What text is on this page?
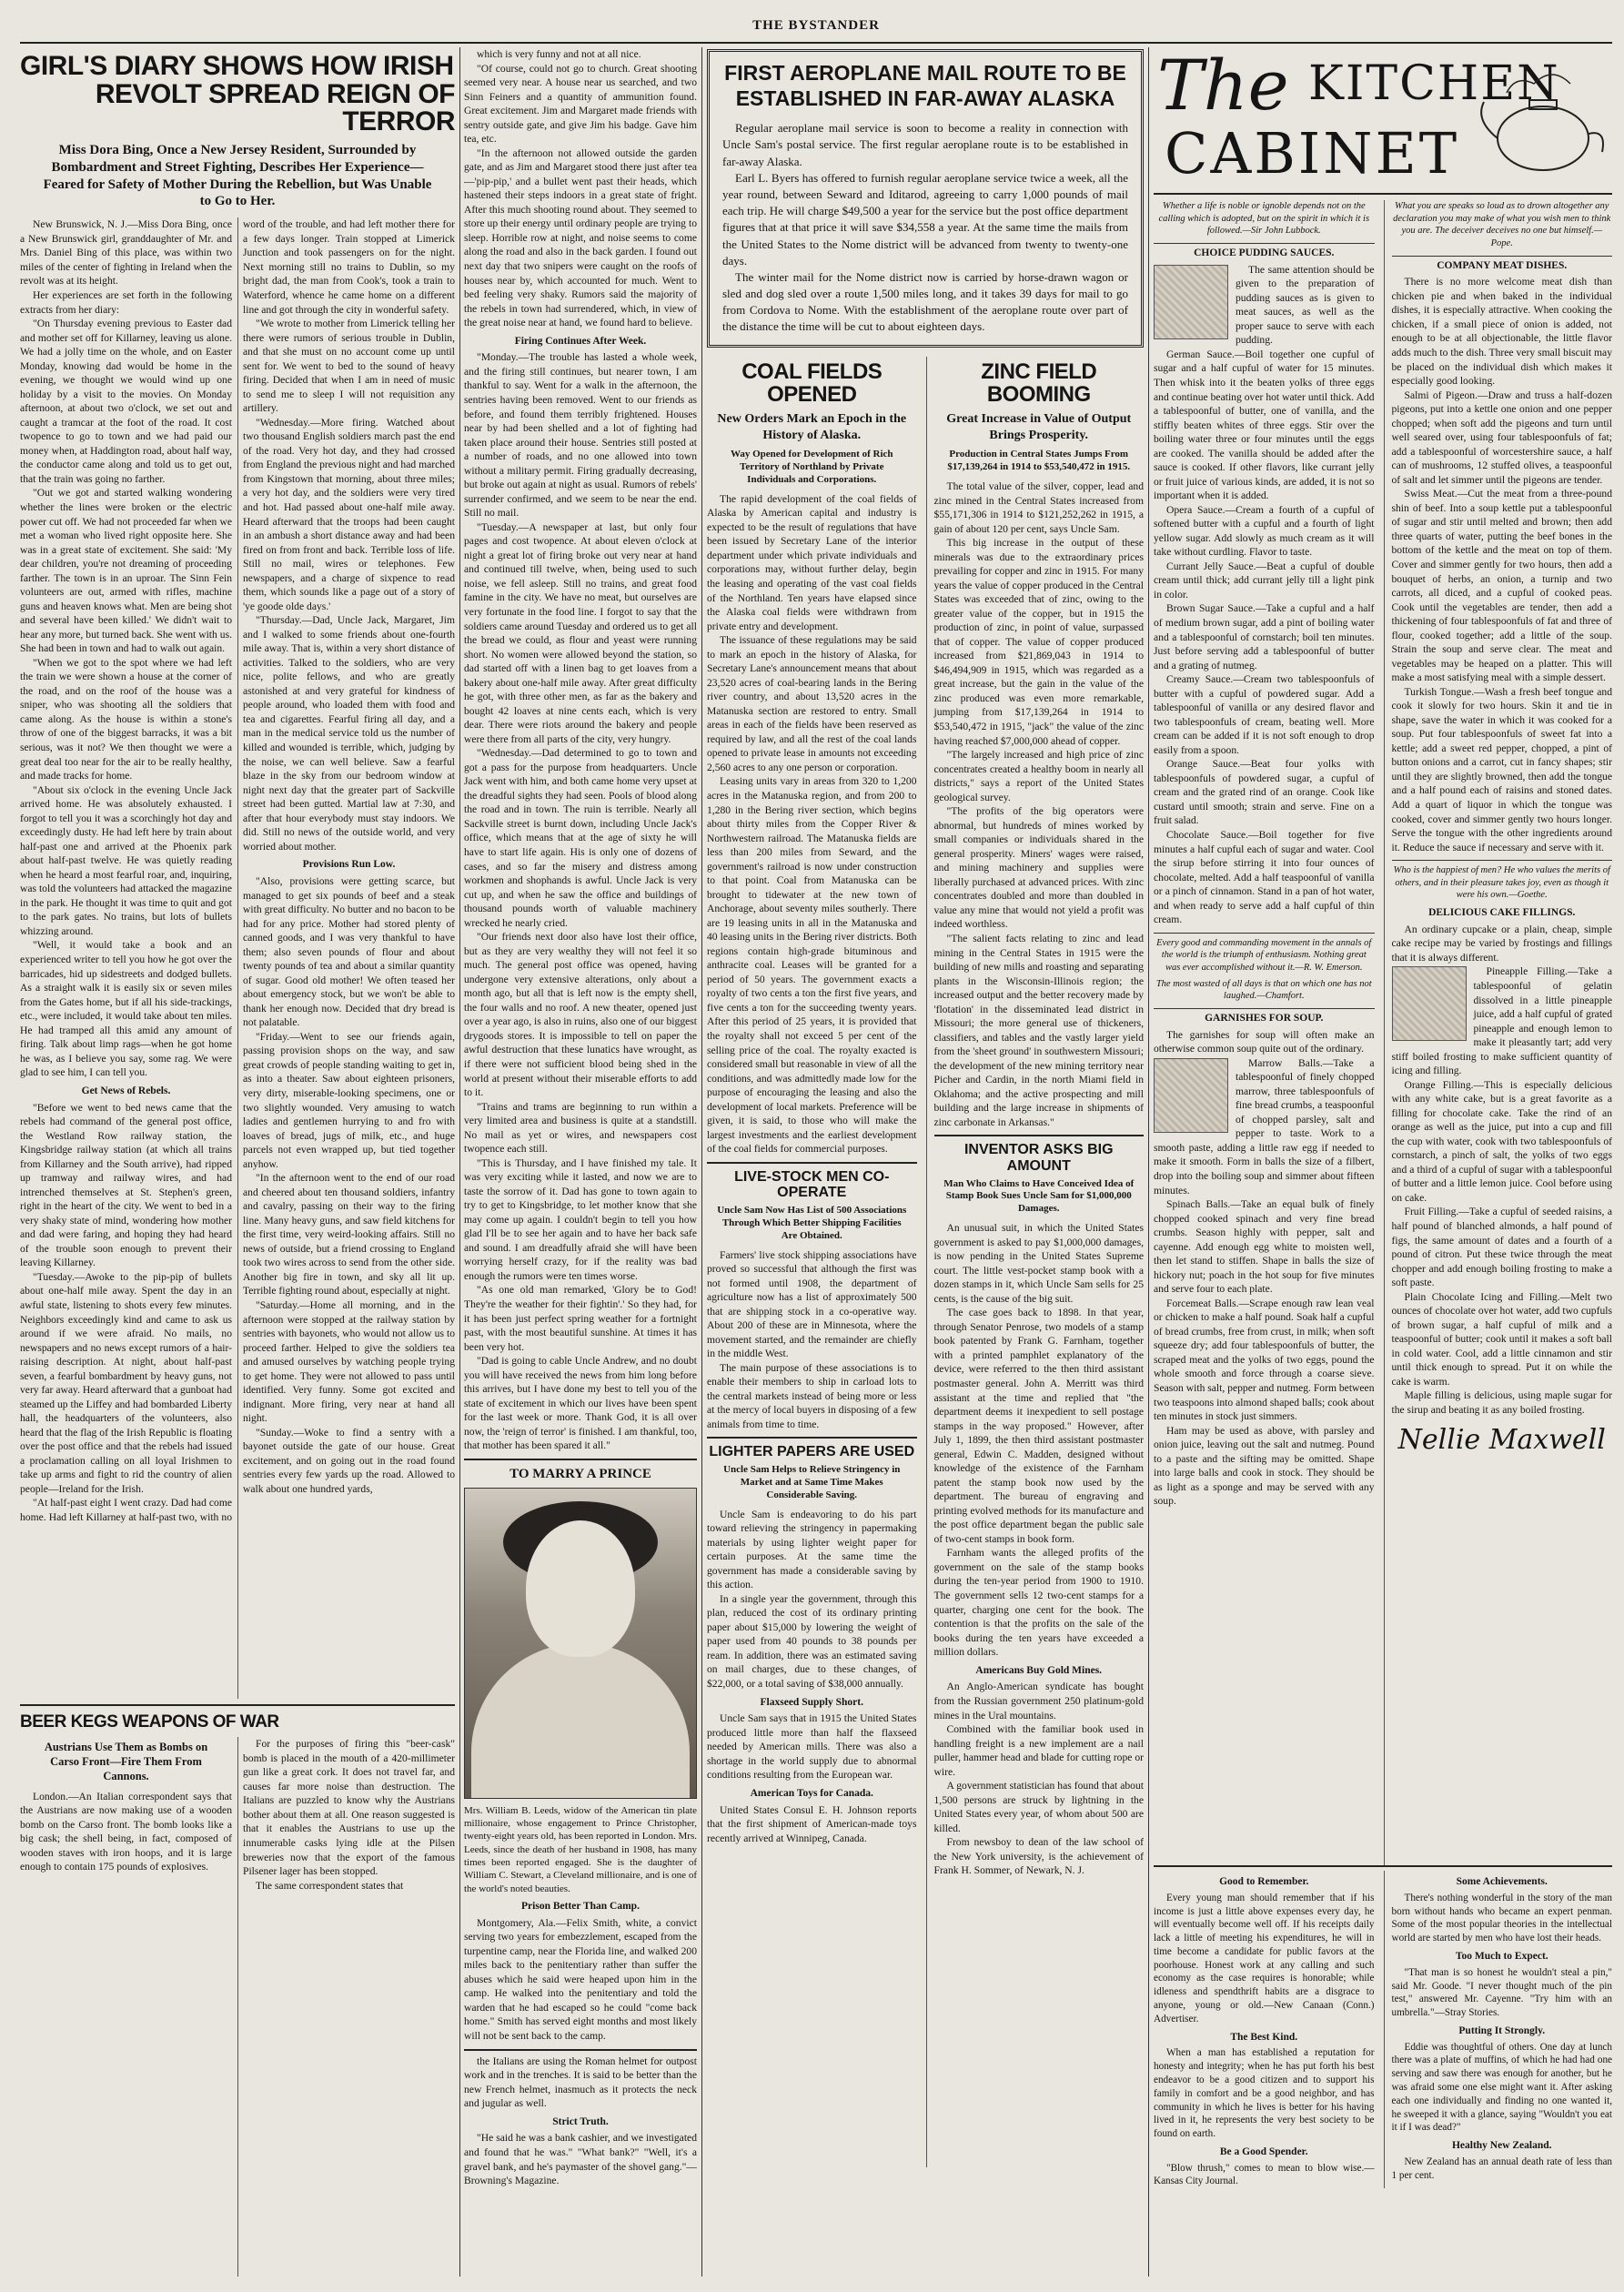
THE BYSTANDER
GIRL'S DIARY SHOWS HOW IRISH
REVOLT SPREAD REIGN OF TERROR
Miss Dora Bing, Once a New Jersey Resident, Surrounded by Bombardment and Street Fighting, Describes Her Experience—Feared for Safety of Mother During the Rebellion, but Was Unable to Go to Her.

New Brunswick, N. J.—Miss Dora Bing, once a New Brunswick girl, granddaughter of Mr. and Mrs. Daniel Bing of this place, was within two miles of the center of fighting in Ireland when the revolt was at its height.

Her experiences are set forth in the following extracts from her diary:

"On Thursday evening previous to Easter dad and mother set off for Killarney, leaving us alone. We had a jolly time on the whole, and on Easter Monday, knowing dad would be home in the evening, we thought we would wind up one holiday by a visit to the movies. On Monday afternoon, at about two o'clock, we set out and caught a tramcar at the foot of the road. It cost twopence to go to town and we had paid our money when, at Haddington road, about half way, the conductor came along and told us to get out, that the train was going no farther.

"Out we got and started walking wondering whether the lines were broken or the electric power cut off. We had not proceeded far when we met a woman who lived right opposite here. She was in a great state of excitement. She said: 'My dear children, you're not dreaming of proceeding farther. The town is in an uproar. The Sinn Fein volunteers are out, armed with rifles, machine guns and heaven knows what. Men are being shot and several have been killed.' We didn't wait to hear any more, but turned back. She went with us. She had been in town and had to walk out again.

"When we got to the spot where we had left the train we were shown a house at the corner of the road, and on the roof of the house was a sniper, who was shooting all the soldiers that came along. As the house is within a stone's throw of one of the biggest barracks, it was a bit serious, was it not? We then thought we were a great deal too near for the air to be really healthy, and made tracks for home.

"About six o'clock in the evening Uncle Jack arrived home. He was absolutely exhausted. I forgot to tell you it was a scorchingly hot day and exceedingly dusty. He had left here by train about half-past one and arrived at the Phoenix park about half-past twelve. He was quietly reading when he heard a most fearful roar, and, inquiring, was told the volunteers had attacked the magazine in the park. He thought it was time to quit and got to the park gates. No trains, but lots of bullets whizzing around.

"Well, it would take a book and an experienced writer to tell you how he got over the barricades, hid up sidestreets and dodged bullets. As a straight walk it is easily six or seven miles from the Gates home, but if all his side-trackings, etc., were included, it would take about ten miles. He had tramped all this amid any amount of firing. Talk about limp rags—when he got home he was, as I believe you say, some rag. We were glad to see him, I can tell you.

Get News of Rebels.

"Before we went to bed news came that the rebels had command of the general post office, the Westland Row railway station, the Kingsbridge railway station (at which all trains from Killarney and the South arrive), had ripped up tramway and railway wires, and had intrenched themselves at St. Stephen's green, right in the heart of the city. We went to bed in a very shaky state of mind, wondering how mother and dad were faring, and hoping they had heard of the trouble soon enough to prevent their leaving Killarney.

"Tuesday.—Awoke to the pip-pip of bullets about one-half mile away. Spent the day in an awful state, listening to shots every few minutes. Neighbors exceedingly kind and came to ask us around if we were afraid. No mails, no newspapers and no news except rumors of a hair-raising description. At night, about half-past seven, a fearful bombardment by heavy guns, not very far away. Heard afterward that a gunboat had steamed up the Liffey and had bombarded Liberty hall, the headquarters of the volunteers, also heard that the flag of the Irish Republic is floating over the post office and that the rebels had issued a proclamation calling on all loyal Irishmen to take up arms and fight to rid the country of alien people—Ireland for the Irish.

"At half-past eight I went crazy. Dad had come home. Had left Killarney at half-past two, with no word of the trouble, and had left mother there for a few days longer. Train stopped at Limerick Junction and took passengers on for the night. Next morning still no trains to Dublin, so my bright dad, the man from Cook's, took a train to Waterford, whence he came home on a different line and got through the city in wonderful safety.

"We wrote to mother from Limerick telling her there were rumors of serious trouble in Dublin, and that she must on no account come up until sent for. We went to bed to the sound of heavy firing. Decided that when I am in need of music to send me to sleep I will not requisition any artillery.

"Wednesday.—More firing. Watched about two thousand English soldiers march past the end of the road. Very hot day, and they had crossed from England the previous night and had marched from Kingstown that morning, about three miles; a very hot day, and the soldiers were very tired and hot. Had passed about one-half mile away. Heard afterward that the troops had been caught in an ambush a short distance away and had been fired on from front and back. Terrible loss of life. Still no mail, wires or telephones. Few newspapers, and a charge of sixpence to read them, which sounds like a page out of a story of 'ye goode olde days.'

"Thursday.—Dad, Uncle Jack, Margaret, Jim and I walked to some friends about one-fourth mile away. That is, within a very short distance of activities. Talked to the soldiers, who are very nice, polite fellows, and who are greatly astonished at and very grateful for kindness of people around, who loaded them with food and tea and cigarettes. Fearful firing all day, and a man in the medical service told us the number of killed and wounded is terrible, which, judging by the noise, we can well believe. Saw a fearful blaze in the sky from our bedroom window at night next day that the greater part of Sackville street had been gutted. Martial law at 7:30, and after that hour everybody must stay indoors. We did. Still no news of the outside world, and very worried about mother.

Provisions Run Low.

"Also, provisions were getting scarce, but managed to get six pounds of beef and a steak with great difficulty. No butter and no bacon to be had for any price. Mother had stored plenty of canned goods, and I was very thankful to have them; also seven pounds of flour and about twenty pounds of tea and about a similar quantity of sugar. Good old mother! We often teased her about emergency stock, but we won't be able to thank her enough now. Decided that dry bread is not palatable.

"Friday.—Went to see our friends again, passing provision shops on the way, and saw great crowds of people standing waiting to get in, as into a theater. Saw about eighteen prisoners, very dirty, miserable-looking specimens, one or two slightly wounded. Very amusing to watch ladies and gentlemen hurrying to and fro with loaves of bread, jugs of milk, etc., and huge parcels not even wrapped up, but tied together anyhow.

"In the afternoon went to the end of our road and cheered about ten thousand soldiers, infantry and cavalry, passing on their way to the firing line. Many heavy guns, and saw field kitchens for the first time, very weird-looking affairs. Still no news of outside, but a friend crossing to England took two wires across to send from the other side. Another big fire in town, and sky all lit up. Terrible fighting round about, especially at night.

"Saturday.—Home all morning, and in the afternoon were stopped at the railway station by sentries with bayonets, who would not allow us to proceed farther. Helped to give the soldiers tea and amused ourselves by watching people trying to get home. They were not allowed to pass until identified. Very funny. Some got excited and indignant. More firing, very near at hand all night.

"Sunday.—Woke to find a sentry with a bayonet outside the gate of our house. Great excitement, and on going out in the road found sentries every few yards up the road. Allowed to walk about one hundred yards,

BEER KEGS WEAPONS OF WAR
Austrians Use Them as Bombs on Carso Front—Fire Them From Cannons.

London.—An Italian correspondent says that the Austrians are now making use of a wooden bomb on the Carso front. The bomb looks like a big cask; the shell being, in fact, composed of wooden staves with iron hoops, and it is large enough to contain 175 pounds of explosives.

For the purposes of firing this "beer-cask" bomb is placed in the mouth of a 420-millimeter gun like a great cork. It does not travel far, and causes far more noise than destruction. The Italians are puzzled to know why the Austrians bother about them at all. One reason suggested is that it enables the Austrians to use up the innumerable casks lying idle at the Pilsen breweries now that the export of the famous Pilsener lager has been stopped.

The same correspondent states that

which is very funny and not at all nice.

"Of course, could not go to church. Great shooting seemed very near. A house near us searched, and two Sinn Feiners and a quantity of ammunition found. Great excitement. Jim and Margaret made friends with sentry outside gate, and give Jim his badge. Gave him tea, etc.

"In the afternoon not allowed outside the garden gate, and as Jim and Margaret stood there just after tea—'pip-pip,' and a bullet went past their heads, which hastened their steps indoors in a great state of fright. After this much shooting round about. They seemed to store up their energy until ordinary people are trying to sleep. Horrible row at night, and noise seems to come along the road and also in the back garden. I found out next day that two snipers were caught on the roofs of houses near by, which accounted for much. Went to bed feeling very shaky. Rumors said the majority of the rebels in town had surrendered, which, in view of the great noise near at hand, we found hard to believe.

Firing Continues After Week.

"Monday.—The trouble has lasted a whole week, and the firing still continues, but nearer town, I am thankful to say. Went for a walk in the afternoon, the sentries having been removed. Went to our friends as before, and found them terribly frightened. Houses near by had been shelled and a lot of fighting had taken place around their house. Sentries still posted at a number of roads, and no one allowed into town without a military permit. Firing gradually decreasing, but broke out again at night as usual. Rumors of rebels' surrender confirmed, and we seem to be near the end. Still no mail.

"Tuesday.—A newspaper at last, but only four pages and cost twopence. At about eleven o'clock at night a great lot of firing broke out very near at hand and continued till twelve, when, being used to such noise, we fell asleep. Still no trains, and great food famine in the city. We have no meat, but ourselves are very fortunate in the food line. I forgot to say that the soldiers came around Tuesday and ordered us to get all the bread we could, as flour and yeast were running short. No women were allowed beyond the station, so dad started off with a linen bag to get loaves from a bakery about one-half mile away. After great difficulty he got, with three other men, as far as the bakery and bought 42 loaves at nine cents each, which is very dear. There were riots around the bakery and people were there from all parts of the city, very hungry.

"Wednesday.—Dad determined to go to town and got a pass for the purpose from headquarters. Uncle Jack went with him, and both came home very upset at the dreadful sights they had seen. Pools of blood along the road and in town. The ruin is terrible. Nearly all Sackville street is burnt down, including Uncle Jack's office, which means that at the age of sixty he will have to start life again. His is only one of dozens of cases, and so far the misery and distress among workmen and shophands is awful. Uncle Jack is very cut up, and when he saw the office and buildings of thousand pounds worth of valuable machinery wrecked he nearly cried.

"Our friends next door also have lost their office, but as they are very wealthy they will not feel it so much. The general post office was opened, having undergone very extensive alterations, only about a month ago, but all that is left now is the empty shell, the four walls and no roof. A new theater, opened just over a year ago, is also in ruins, also one of our biggest drygoods stores. It is impossible to tell on paper the awful destruction that these lunatics have wrought, as if there were not sufficient blood being shed in the world at present without their miserable efforts to add to it.

"Trains and trams are beginning to run within a very limited area and business is quite at a standstill. No mail as yet or wires, and newspapers cost twopence each still.

"This is Thursday, and I have finished my tale. It was very exciting while it lasted, and now we are to taste the sorrow of it. Dad has gone to town again to try to get to Kingsbridge, to let mother know that she may come up again. I couldn't begin to tell you how glad I'll be to see her again and to have her back safe and sound. I am dreadfully afraid she will have been worrying herself crazy, for if the reality was bad enough the rumors were ten times worse.

"As one old man remarked, 'Glory be to God! They're the weather for their fightin'.' So they had, for it has been just perfect spring weather for a fortnight past, with the most beautiful sunshine. At times it has been very hot.

"Dad is going to cable Uncle Andrew, and no doubt you will have received the news from him long before this arrives, but I have done my best to tell you of the state of excitement in which our lives have been spent for the last week or more. Thank God, it is all over now, the 'reign of terror' is finished. I am thankful, too, that mother has been spared it all."

TO MARRY A PRINCE
Mrs. William B. Leeds, widow of the American tin plate millionaire, whose engagement to Prince Christopher, twenty-eight years old, has been reported in London. Mrs. Leeds, since the death of her husband in 1908, has many times been reported engaged. She is the daughter of William C. Stewart, a Cleveland millionaire, and is one of the world's noted beauties.
Prison Better Than Camp.

Montgomery, Ala.—Felix Smith, white, a convict serving two years for embezzlement, escaped from the turpentine camp, near the Florida line, and walked 200 miles back to the penitentiary rather than suffer the abuses which he said were heaped upon him in the camp. He walked into the penitentiary and told the warden that he had escaped so he could "come back home." Smith has served eight months and most likely will not be sent back to the camp.

the Italians are using the Roman helmet for outpost work and in the trenches. It is said to be better than the new French helmet, inasmuch as it protects the neck and jugular as well.

Strict Truth.

"He said he was a bank cashier, and we investigated and found that he was." "What bank?" "Well, it's a gravel bank, and he's paymaster of the shovel gang."—Browning's Magazine.

FIRST AEROPLANE MAIL ROUTE TO BE ESTABLISHED IN FAR-AWAY ALASKA

Regular aeroplane mail service is soon to become a reality in connection with Uncle Sam's postal service. The first regular aeroplane route is to be established in far-away Alaska.

Earl L. Byers has offered to furnish regular aeroplane service twice a week, all the year round, between Seward and Iditarod, agreeing to carry 1,000 pounds of mail each trip. He will charge $49,500 a year for the service but the post office department figures that at that price it will save $34,558 a year. At the same time the mails from the United States to the Nome district will be advanced from twenty to twenty-one days.

The winter mail for the Nome district now is carried by horse-drawn wagon or sled and dog sled over a route 1,500 miles long, and it takes 39 days for mail to go from Cordova to Nome. With the establishment of the aeroplane route over part of the distance the time will be cut to about eighteen days.

COAL FIELDS OPENED
New Orders Mark an Epoch in the History of Alaska.
Way Opened for Development of Rich Territory of Northland by Private Individuals and Corporations.

The rapid development of the coal fields of Alaska by American capital and industry is expected to be the result of regulations that have been issued by Secretary Lane of the interior department under which private individuals and corporations may, without further delay, begin the leasing and operating of the vast coal fields of the Northland. Ten years have elapsed since the Alaska coal fields were withdrawn from private entry and development.

The issuance of these regulations may be said to mark an epoch in the history of Alaska, for Secretary Lane's announcement means that about 23,520 acres of coal-bearing lands in the Bering river country, and about 13,520 acres in the Matanuska section are restored to entry. Small areas in each of the fields have been reserved as required by law, and all the rest of the coal lands opened to private lease in amounts not exceeding 2,560 acres to any one person or corporation.

Leasing units vary in areas from 320 to 1,200 acres in the Matanuska region, and from 200 to 1,280 in the Bering river section, which begins about thirty miles from the Copper River & Northwestern railroad. The Matanuska fields are less than 200 miles from Seward, and the government's railroad is now under construction to that point. Coal from Matanuska can be brought to tidewater at the new town of Anchorage, about seventy miles southerly. There are 19 leasing units in all in the Matanuska and 40 leasing units in the Bering river districts. Both regions contain high-grade bituminous and anthracite coal. Leases will be granted for a period of 50 years. The government exacts a royalty of two cents a ton the first five years, and five cents a ton for the succeeding twenty years. After this period of 25 years, it is provided that the royalty shall not exceed 5 per cent of the selling price of the coal. The royalty exacted is considered small but reasonable in view of all the conditions, and was admittedly made low for the purpose of encouraging the leasing and also the development of local markets. Preference will be given, it is said, to those who will make the largest investments and the earliest development of the coal fields for commercial purposes.

LIVE-STOCK MEN CO-OPERATE
Uncle Sam Now Has List of 500 Associations Through Which Better Shipping Facilities Are Obtained.

Farmers' live stock shipping associations have proved so successful that although the first was not formed until 1908, the department of agriculture now has a list of approximately 500 that are shipping stock in a co-operative way. About 200 of these are in Minnesota, where the movement started, and the remainder are chiefly in the middle West.

The main purpose of these associations is to enable their members to ship in carload lots to the central markets instead of being more or less at the mercy of local buyers in disposing of a few animals from time to time.

LIGHTER PAPERS ARE USED
Uncle Sam Helps to Relieve Stringency in Market and at Same Time Makes Considerable Saving.

Uncle Sam is endeavoring to do his part toward relieving the stringency in papermaking materials by using lighter weight paper for certain purposes. At the same time the government has made a considerable saving by this action.

In a single year the government, through this plan, reduced the cost of its ordinary printing paper about $15,000 by lowering the weight of paper used from 40 pounds to 38 pounds per ream. In addition, there was an estimated saving on mail charges, due to these changes, of $22,000, or a total saving of $38,000 annually.

Flaxseed Supply Short.

Uncle Sam says that in 1915 the United States produced little more than half the flaxseed needed by American mills. There was also a shortage in the world supply due to abnormal conditions resulting from the European war.

American Toys for Canada.

United States Consul E. H. Johnson reports that the first shipment of American-made toys recently arrived at Winnipeg, Canada.

ZINC FIELD BOOMING
Great Increase in Value of Output Brings Prosperity.
Production in Central States Jumps From $17,139,264 in 1914 to $53,540,472 in 1915.

The total value of the silver, copper, lead and zinc mined in the Central States increased from $55,171,306 in 1914 to $121,252,262 in 1915, a gain of about 120 per cent, says Uncle Sam.

This big increase in the output of these minerals was due to the extraordinary prices prevailing for copper and zinc in 1915. For many years the value of copper produced in the Central States was exceeded that of zinc, owing to the greater value of the copper, but in 1915 the production of zinc, in point of value, surpassed that of copper. The value of copper produced increased from $21,869,043 in 1914 to $46,494,909 in 1915, which was regarded as a great increase, but the gain in the value of the zinc produced was even more remarkable, jumping from $17,139,264 in 1914 to $53,540,472 in 1915, "jack" the value of the zinc having reached $7,000,000 ahead of copper.

"The largely increased and high price of zinc concentrates created a healthy boom in nearly all districts," says a report of the United States geological survey.

"The profits of the big operators were abnormal, but hundreds of mines worked by small companies or individuals shared in the general prosperity. Miners' wages were raised, and mining machinery and supplies were liberally purchased at advanced prices. With zinc concentrates doubled and more than doubled in value any mine that would not yield a profit was indeed worthless.

"The salient facts relating to zinc and lead mining in the Central States in 1915 were the building of new mills and roasting and separating plants in the Wisconsin-Illinois region; the increased output and the better recovery made by 'flotation' in the disseminated lead district in Missouri; the more general use of thickeners, classifiers, and tables and the vastly larger yield from the 'sheet ground' in southwestern Missouri; the development of the new mining territory near Picher and Cardin, in the north Miami field in Oklahoma; and the active prospecting and mill building and the large increase in shipments of zinc carbonate in Arkansas."

INVENTOR ASKS BIG AMOUNT
Man Who Claims to Have Conceived Idea of Stamp Book Sues Uncle Sam for $1,000,000 Damages.

An unusual suit, in which the United States government is asked to pay $1,000,000 damages, is now pending in the United States Supreme court. The little vest-pocket stamp book with a dozen stamps in it, which Uncle Sam sells for 25 cents, is the cause of the big suit.

The case goes back to 1898. In that year, through Senator Penrose, two models of a stamp book patented by Frank G. Farnham, together with a printed pamphlet explanatory of the device, were referred to the then third assistant postmaster general. John A. Merritt was third assistant at the time and replied that "the department deems it inexpedient to sell postage stamps in the way proposed." However, after July 1, 1899, the then third assistant postmaster general, Edwin C. Madden, designed without knowledge of the existence of the Farnham patent the stamp book now used by the department. The bureau of engraving and printing evolved methods for its manufacture and the post office department began the public sale of two-cent stamps in book form.

Farnham wants the alleged profits of the government on the sale of the stamp books during the ten-year period from 1900 to 1910. The government sells 12 two-cent stamps for a quarter, charging one cent for the book. The contention is that the profits on the sale of the books during the ten years have exceeded a million dollars.

Americans Buy Gold Mines.

An Anglo-American syndicate has bought from the Russian government 250 platinum-gold mines in the Ural mountains.

Combined with the familiar book used in handling freight is a new implement are a nail puller, hammer head and blade for cutting rope or wire.

A government statistician has found that about 1,500 persons are struck by lightning in the United States every year, of whom about 500 are killed.

From newsboy to dean of the law school of the New York university, is the achievement of Frank H. Sommer, of Newark, N. J.

The KITCHEN
CABINET
Whether a life is noble or ignoble depends not on the calling which is adopted, but on the spirit in which it is followed.—Sir John Lubbock.
CHOICE PUDDING SAUCES.

The same attention should be given to the preparation of pudding sauces as is given to meat sauces, as well as the proper sauce to serve with each pudding.

German Sauce.—Boil together one cupful of sugar and a half cupful of water for 15 minutes. Then whisk into it the beaten yolks of three eggs and continue beating over hot water until thick. Add a tablespoonful of butter, one of vanilla, and the stiffly beaten whites of three eggs. Stir over the boiling water three or four minutes until the eggs are cooked. The vanilla should be added after the sauce is cooked. If other flavors, like currant jelly or fruit juice of various kinds, are added, it is not so important when it is added.

Opera Sauce.—Cream a fourth of a cupful of softened butter with a cupful and a fourth of light yellow sugar. Add slowly as much cream as it will take without curdling. Flavor to taste.

Currant Jelly Sauce.—Beat a cupful of double cream until thick; add currant jelly till a light pink in color.

Brown Sugar Sauce.—Take a cupful and a half of medium brown sugar, add a pint of boiling water and a tablespoonful of cornstarch; boil ten minutes. Just before serving add a tablespoonful of butter and a grating of nutmeg.

Creamy Sauce.—Cream two tablespoonfuls of butter with a cupful of powdered sugar. Add a tablespoonful of vanilla or any desired flavor and two tablespoonfuls of cream, beating well. More cream can be added if it is not soft enough to drop easily from a spoon.

Orange Sauce.—Beat four yolks with tablespoonfuls of powdered sugar, a cupful of cream and the grated rind of an orange. Cook like custard until smooth; strain and serve. Fine on a fruit salad.

Chocolate Sauce.—Boil together for five minutes a half cupful each of sugar and water. Cool the sirup before stirring it into four ounces of chocolate, melted. Add a half teaspoonful of vanilla or a pinch of cinnamon. Stand in a pan of hot water, and when ready to serve add a half cupful of thin cream.

Every good and commanding movement in the annals of the world is the triumph of enthusiasm. Nothing great was ever accomplished without it.—R. W. Emerson.
The most wasted of all days is that on which one has not laughed.—Chamfort.
GARNISHES FOR SOUP.

The garnishes for soup will often make an otherwise common soup quite out of the ordinary.

Marrow Balls.—Take a tablespoonful of finely chopped marrow, three tablespoonfuls of fine bread crumbs, a teaspoonful of chopped parsley, salt and pepper to taste. Work to a smooth paste, adding a little raw egg if needed to make it smooth. Form in balls the size of a filbert, drop into the boiling soup and simmer about fifteen minutes.

Spinach Balls.—Take an equal bulk of finely chopped cooked spinach and very fine bread crumbs. Season highly with pepper, salt and cayenne. Add enough egg white to moisten well, then let stand to stiffen. Shape in balls the size of hickory nut; poach in the hot soup for five minutes and serve four to each plate.

Forcemeat Balls.—Scrape enough raw lean veal or chicken to make a half pound. Soak half a cupful of bread crumbs, free from crust, in milk; when soft squeeze dry; add four tablespoonfuls of butter, the scraped meat and the yolks of two eggs, pound the whole smooth and force through a coarse sieve. Season with salt, pepper and nutmeg. Form between two teaspoons into almond shaped balls; cook about ten minutes in stock just simmers.

Ham may be used as above, with parsley and onion juice, leaving out the salt and nutmeg. Pound to a paste and the sifting may be omitted. Shape into large balls and cook in stock. They should be as light as a sponge and may be served with any soup.

What you are speaks so loud as to drown altogether any declaration you may make of what you wish men to think you are. The deceiver deceives no one but himself.—Pope.
COMPANY MEAT DISHES.

There is no more welcome meat dish than chicken pie and when baked in the individual dishes, it is especially attractive. When cooking the chicken, if a small piece of onion is added, not enough to be at all objectionable, the little flavor adds much to the dish. Three very small biscuit may be placed on the individual dish which makes it especially good looking.

Salmi of Pigeon.—Draw and truss a half-dozen pigeons, put into a kettle one onion and one pepper chopped; when soft add the pigeons and turn until well seared over, using four tablespoonfuls of fat; add a tablespoonful of worcestershire sauce, a half can of mushrooms, 12 stuffed olives, a teaspoonful of salt and let simmer until the pigeons are tender.

Swiss Meat.—Cut the meat from a three-pound shin of beef. Into a soup kettle put a tablespoonful of sugar and stir until melted and brown; then add three quarts of water, putting the beef bones in the bottom of the kettle and the meat on top of them. Cover and simmer gently for two hours, then add a bouquet of herbs, an onion, a turnip and two carrots, all diced, and a cupful of cooked peas. Cook until the vegetables are tender, then add a thickening of four tablespoonfuls of fat and three of flour, cooked together; add a little of the soup. Strain the soup and serve clear. The meat and vegetables may be heaped on a platter. This will make a most satisfying meal with a simple dessert.

Turkish Tongue.—Wash a fresh beef tongue and cook it slowly for two hours. Skin it and tie in shape, save the water in which it was cooked for a soup. Put four tablespoonfuls of sweet fat into a kettle; add a sweet red pepper, chopped, a pint of button onions and a carrot, cut in fancy shapes; stir until they are slightly browned, then add the tongue and a half pound each of raisins and stoned dates. Add a quart of liquor in which the tongue was cooked, cover and simmer gently two hours longer. Serve the tongue with the other ingredients around it. Reduce the sauce if necessary and serve with it.

Who is the happiest of men? He who values the merits of others, and in their pleasure takes joy, even as though it were his own.—Goethe.
DELICIOUS CAKE FILLINGS.

An ordinary cupcake or a plain, cheap, simple cake recipe may be varied by frostings and fillings that it is always different.

Pineapple Filling.—Take a tablespoonful of gelatin dissolved in a little pineapple juice, add a half cupful of grated pineapple and enough lemon to make it pleasantly tart; add very stiff boiled frosting to make sufficient quantity of icing and filling.

Orange Filling.—This is especially delicious with any white cake, but is a great favorite as a filling for chocolate cake. Take the rind of an orange as well as the juice, put into a cup and fill the cup with water, cook with two tablespoonfuls of cornstarch, a pinch of salt, the yolks of two eggs and a third of a cupful of sugar with a tablespoonful of butter and a little lemon juice. Cool before using on cake.

Fruit Filling.—Take a cupful of seeded raisins, a half pound of blanched almonds, a half pound of figs, the same amount of dates and a fourth of a pound of citron. Put these twice through the meat chopper and add enough boiling frosting to make a soft paste.

Plain Chocolate Icing and Filling.—Melt two ounces of chocolate over hot water, add two cupfuls of brown sugar, a half cupful of milk and a teaspoonful of butter; cook until it makes a soft ball in cold water. Cool, add a little cinnamon and stir until thick enough to spread. Put it on while the cake is warm.

Maple filling is delicious, using maple sugar for the sirup and beating it as any boiled frosting.

Nellie Maxwell
Good to Remember.

Every young man should remember that if his income is just a little above expenses every day, he will eventually become well off. If his receipts daily lack a little of meeting his expenditures, he will in time become a candidate for public favors at the poorhouse. Honest work at any calling and such economy as the case requires is honorable; while idleness and spendthrift habits are a disgrace to anyone, young or old.—New Canaan (Conn.) Advertiser.

The Best Kind.

When a man has established a reputation for honesty and integrity; when he has put forth his best endeavor to be a good citizen and to support his family in comfort and be a good neighbor, and has community in which he lives is better for his having lived in it, he represents the very best society to be found on earth.

Be a Good Spender.

"Blow thrush," comes to mean to blow wise.—Kansas City Journal.

Some Achievements.

There's nothing wonderful in the story of the man born without hands who became an expert penman. Some of the most popular theories in the intellectual world are started by men who have lost their heads.

Too Much to Expect.

"That man is so honest he wouldn't steal a pin," said Mr. Goode. "I never thought much of the pin test," answered Mr. Cayenne. "Try him with an umbrella."—Stray Stories.

Putting It Strongly.

Eddie was thoughtful of others. One day at lunch there was a plate of muffins, of which he had had one serving and saw there was enough for another, but he was afraid some one else might want it. After asking each one individually and finding no one wanted it, he sweeped it with a glance, saying "Wouldn't you eat it if I was dead?"

Healthy New Zealand.

New Zealand has an annual death rate of less than 1 per cent.
